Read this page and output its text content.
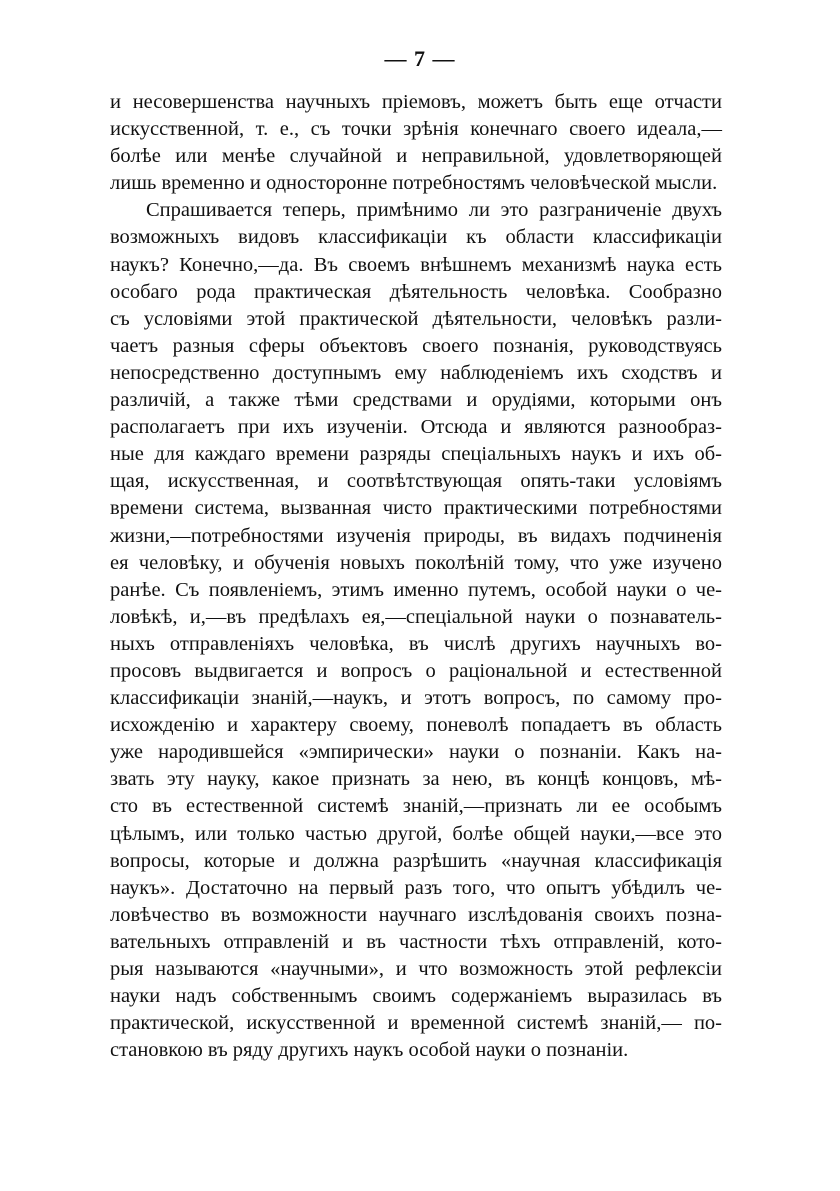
— 7 —
и несовершенства научныхъ пріемовъ, можетъ быть еще отчасти
искусственной, т. е., съ точки зрѣнія конечнаго своего идеала,—
болѣе или менѣе случайной и неправильной, удовлетворяющей
лишь временно и односторонне потребностямъ человѣческой мысли.
Спрашивается теперь, примѣнимо ли это разграниченіе двухъ
возможныхъ видовъ классификаціи къ области классификаціи
наукъ? Конечно,—да. Въ своемъ внѣшнемъ механизмѣ наука есть
особаго рода практическая дѣятельность человѣка. Сообразно
съ условіями этой практической дѣятельности, человѣкъ разли-
чаетъ разныя сферы объектовъ своего познанія, руководствуясь
непосредственно доступнымъ ему наблюденіемъ ихъ сходствъ и
различій, а также тѣми средствами и орудіями, которыми онъ
располагаетъ при ихъ изученіи. Отсюда и являются разнообраз-
ные для каждаго времени разряды спеціальныхъ наукъ и ихъ об-
щая, искусственная, и соотвѣтствующая опять-таки условіямъ
времени система, вызванная чисто практическими потребностями
жизни,—потребностями изученія природы, въ видахъ подчиненія
ея человѣку, и обученія новыхъ поколѣній тому, что уже изучено
ранѣе. Съ появленіемъ, этимъ именно путемъ, особой науки о че-
ловѣкѣ, и,—въ предѣлахъ ея,—спеціальной науки о познаватель-
ныхъ отправленіяхъ человѣка, въ числѣ другихъ научныхъ во-
просовъ выдвигается и вопросъ о раціональной и естественной
классификаціи знаній,—наукъ, и этотъ вопросъ, по самому про-
исхожденію и характеру своему, поневолѣ попадаетъ въ область
уже народившейся «эмпирически» науки о познаніи. Какъ на-
звать эту науку, какое признать за нею, въ концѣ концовъ, мѣ-
сто въ естественной системѣ знаній,—признать ли ее особымъ
цѣлымъ, или только частью другой, болѣе общей науки,—все это
вопросы, которые и должна разрѣшить «научная классификація
наукъ». Достаточно на первый разъ того, что опытъ убѣдилъ че-
ловѣчество въ возможности научнаго изслѣдованія своихъ позна-
вательныхъ отправленій и въ частности тѣхъ отправленій, кото-
рыя называются «научными», и что возможность этой рефлексіи
науки надъ собственнымъ своимъ содержаніемъ выразилась въ
практической, искусственной и временной системѣ знаній,— по-
становкою въ ряду другихъ наукъ особой науки о познаніи.
